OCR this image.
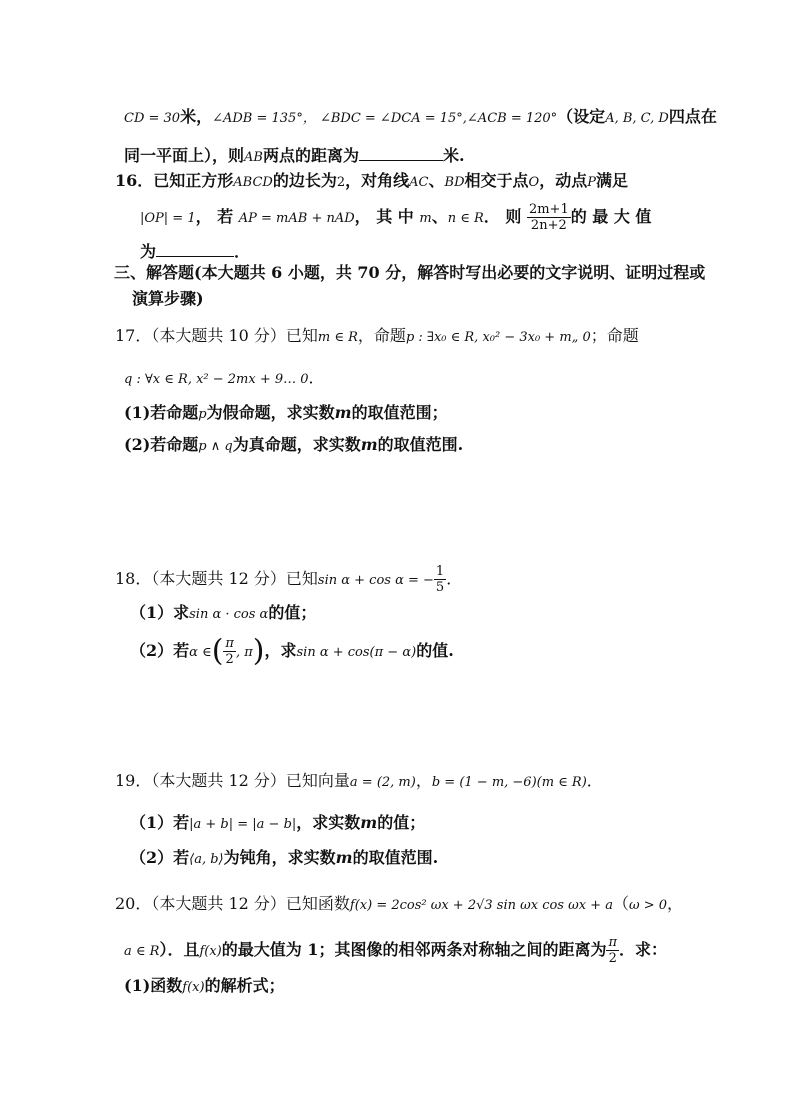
CD = 30米，∠ADB = 135°， ∠BDC = ∠DCA = 15°,∠ACB = 120°（设定A, B, C, D四点在
同一平面上），则AB两点的距离为	米.
16．已知正方形ABCD的边长为2，对角线AC、BD相交于点O，动点P满足
|OP| = 1， 若 AP = mAB + nAD， 其 中 m、n ∈ R． 则 $\frac{2m+1}{2n+2}$ 的 最 大 值
为	．
三、解答题(本大题共 6 小题，共 70 分，解答时写出必要的文字说明、证明过程或
演算步骤)
17．（本大题共 10 分）已知m ∈ R，命题p : ∃x₀ ∈ R, x₀² − 3x₀ + m„ 0；命题
q : ∀x ∈ R, x² − 2mx + 9… 0．
(1)若命题p为假命题，求实数m的取值范围；
(2)若命题p ∧ q为真命题，求实数m的取值范围.
18．（本大题共 12 分）已知sin α + cos α = − $\frac{1}{5}$ ．
（1）求sin α · cos α的值；
（2）若α ∈( $\frac{\pi}{2}$ , π)，求sin α + cos(π − α)的值.
19．（本大题共 12 分）已知向量a = (2, m)，b = (1 − m, −6)(m ∈ R)．
（1）若|a + b| = |a − b|，求实数m的值；
（2）若⟨a, b⟩为钝角，求实数m的取值范围.
20．（本大题共 12 分）已知函数f(x) = 2cos² ωx + 2√3 sin ωx cos ωx + a（ω > 0，
a ∈ R）．且f(x)的最大值为 1；其图像的相邻两条对称轴之间的距离为 $\frac{\pi}{2}$ ．求：
(1)函数f(x)的解析式；
